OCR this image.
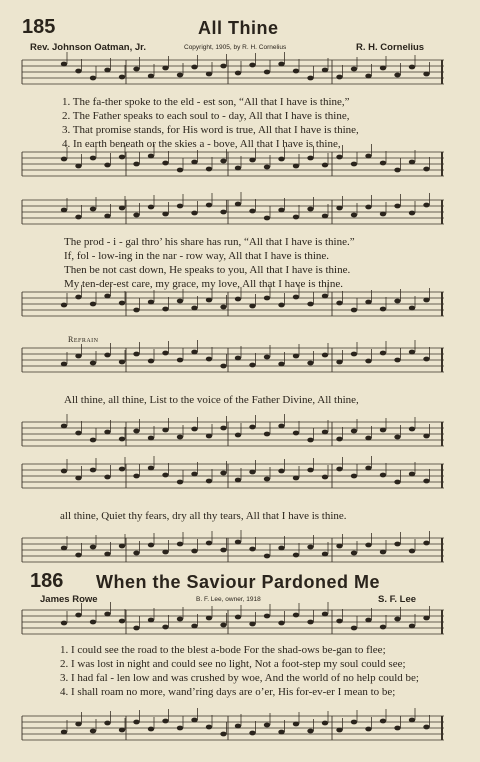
185	All Thine
Rev. Johnson Oatman, Jr.	Copyright, 1905, by R. H. Cornelius	R. H. Cornelius
1. The fa-ther spoke to the eld - est son, “All that I have is thine,”
2. The Father speaks to each soul to - day, All that I have is thine,
3. That promise stands, for His word is true, All that I have is thine,
4. In earth beneath or the skies a - bove, All that I have is thine,
The prod - i - gal thro’ his share has run, “All that I have is thine.”
If, fol - low-ing in the nar - row way, All that I have is thine.
Then be not cast down, He speaks to you, All that I have is thine.
My ten-der-est care, my grace, my love, All that I have is thine.
Refrain
All thine, all thine, List to the voice of the Father Divine, All thine,
all thine, Quiet thy fears, dry all thy tears, All that I have is thine.
186 When the Saviour Pardoned Me
James Rowe	B. F. Lee, owner, 1918	S. F. Lee
1. I could see the road to the blest a-bode For the shad-ows be-gan to flee;
2. I was lost in night and could see no light, Not a foot-step my soul could see;
3. I had fal - len low and was crushed by woe, And the world of no help could be;
4. I shall roam no more, wand’ring days are o’er, His for-ev-er I mean to be;
